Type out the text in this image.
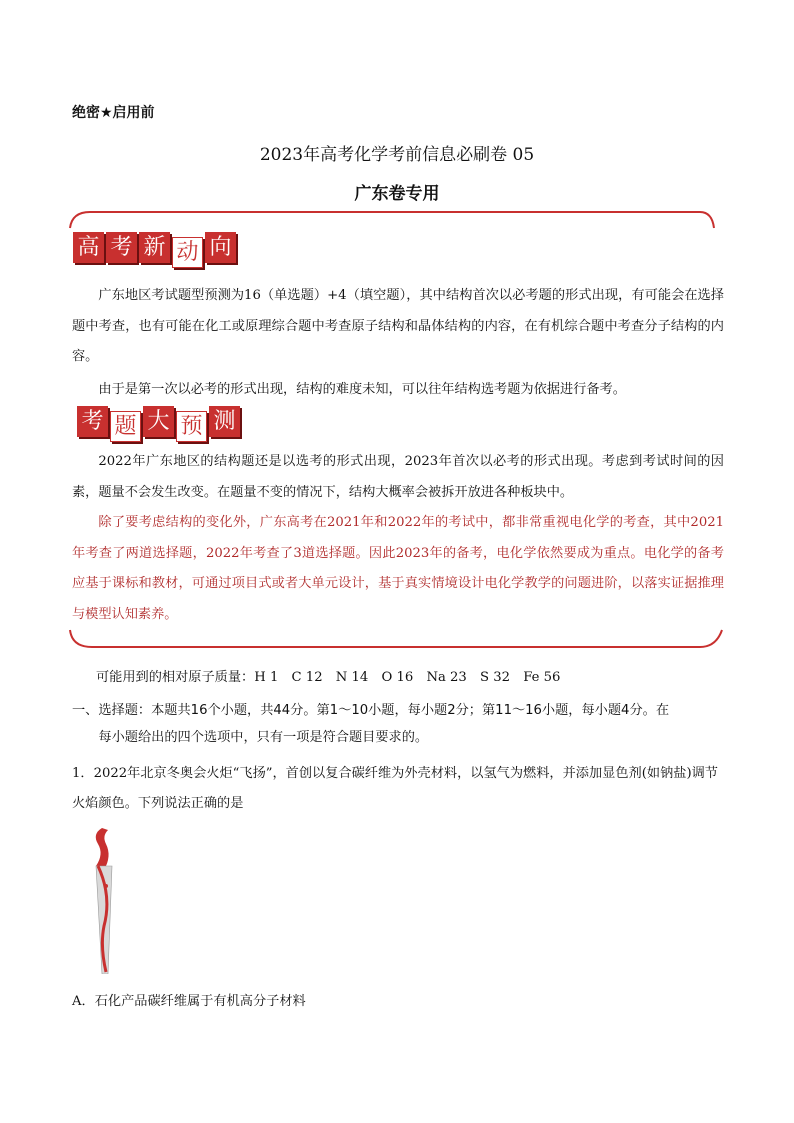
绝密★启用前
2023年高考化学考前信息必刷卷 05
广东卷专用
高 考 新 动 向

广东地区考试题型预测为16（单选题）+4（填空题），其中结构首次以必考题的形式出现，有可能会在选择题中考查，也有可能在化工或原理综合题中考查原子结构和晶体结构的内容，在有机综合题中考查分子结构的内容。

由于是第一次以必考的形式出现，结构的难度未知，可以往年结构选考题为依据进行备考。

考 题 大 预 测

2022年广东地区的结构题还是以选考的形式出现，2023年首次以必考的形式出现。考虑到考试时间的因素，题量不会发生改变。在题量不变的情况下，结构大概率会被拆开放进各种板块中。

除了要考虑结构的变化外，广东高考在2021年和2022年的考试中，都非常重视电化学的考查，其中2021年考查了两道选择题，2022年考查了3道选择题。因此2023年的备考，电化学依然要成为重点。电化学的备考应基于课标和教材，可通过项目式或者大单元设计，基于真实情境设计电化学教学的问题进阶，以落实证据推理与模型认知素养。

可能用到的相对原子质量：H 1　C 12　N 14　O 16　Na 23　S 32　Fe 56
一、选择题：本题共16个小题，共44分。第1～10小题，每小题2分；第11～16小题，每小题4分。在
每小题给出的四个选项中，只有一项是符合题目要求的。
1．2022年北京冬奥会火炬“飞扬”，首创以复合碳纤维为外壳材料，以氢气为燃料，并添加显色剂(如钠盐)调节火焰颜色。下列说法正确的是
A．石化产品碳纤维属于有机高分子材料
